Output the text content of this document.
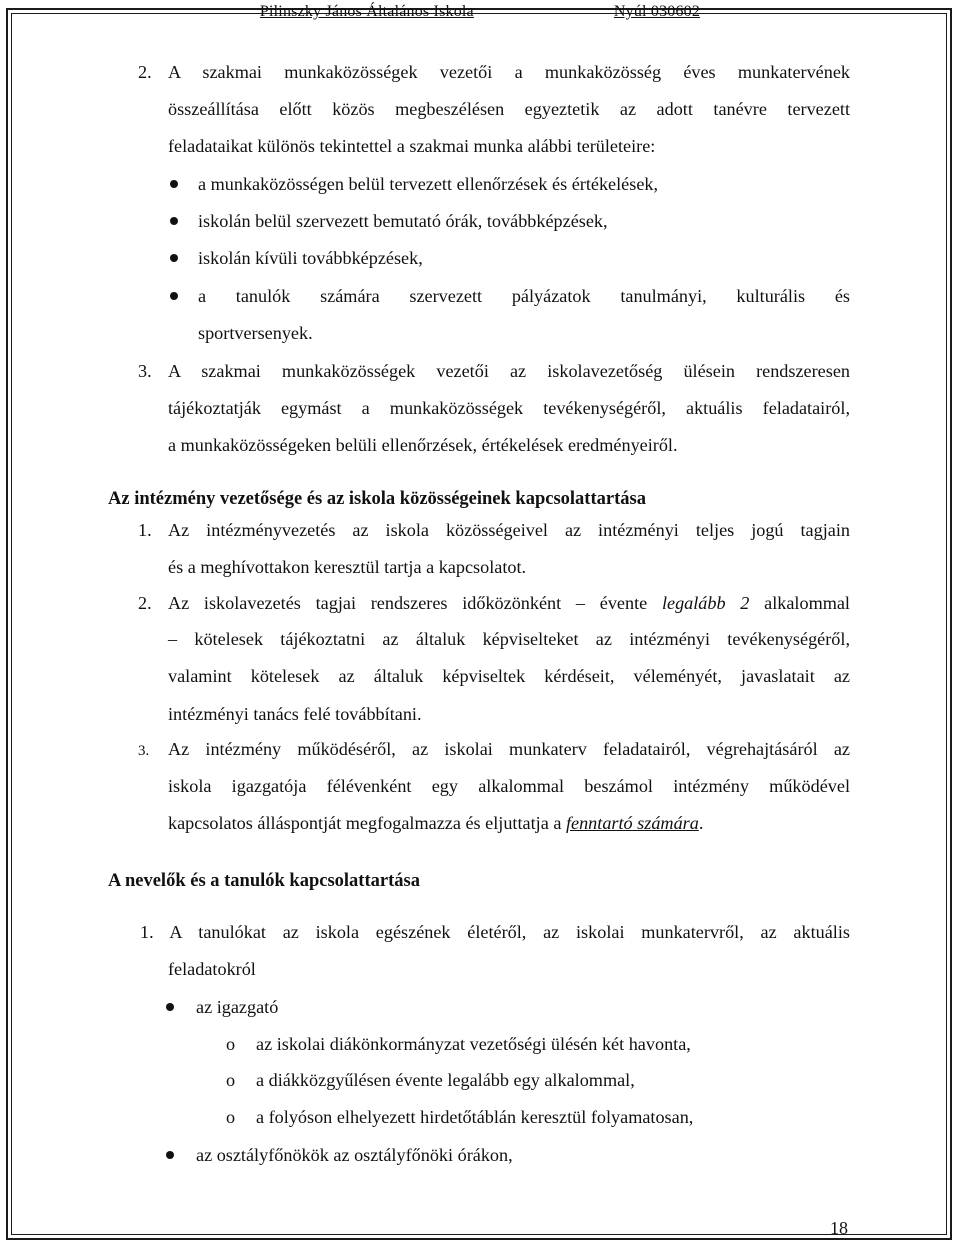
Pilinszky János Általános Iskola	Nyúl 030602
2. A szakmai munkaközösségek vezetői a munkaközösség éves munkatervének
összeállítása előtt közös megbeszélésen egyeztetik az adott tanévre tervezett
feladataikat különös tekintettel a szakmai munka alábbi területeire:
a munkaközösségen belül tervezett ellenőrzések és értékelések,
iskolán belül szervezett bemutató órák, továbbképzések,
iskolán kívüli továbbképzések,
a tanulók számára szervezett pályázatok tanulmányi, kulturális és
sportversenyek.
3. A szakmai munkaközösségek vezetői az iskolavezetőség ülésein rendszeresen
tájékoztatják egymást a munkaközösségek tevékenységéről, aktuális feladatairól,
a munkaközösségeken belüli ellenőrzések, értékelések eredményeiről.
Az intézmény vezetősége és az iskola közösségeinek kapcsolattartása
1. Az intézményvezetés az iskola közösségeivel az intézményi teljes jogú tagjain
és a meghívottakon keresztül tartja a kapcsolatot.
2. Az iskolavezetés tagjai rendszeres időközönként – évente legalább 2 alkalommal
– kötelesek tájékoztatni az általuk képviselteket az intézményi tevékenységéről,
valamint kötelesek az általuk képviseltek kérdéseit, véleményét, javaslatait az
intézményi tanács felé továbbítani.
3. Az intézmény működéséről, az iskolai munkaterv feladatairól, végrehajtásáról az
iskola igazgatója félévenként egy alkalommal beszámol intézmény működével
kapcsolatos álláspontját megfogalmazza és eljuttatja a fenntartó számára.
A nevelők és a tanulók kapcsolattartása
1. A tanulókat az iskola egészének életéről, az iskolai munkatervről, az aktuális
feladatokról
az igazgató
o az iskolai diákönkormányzat vezetőségi ülésén két havonta,
o a diákközgyűlésen évente legalább egy alkalommal,
o a folyóson elhelyezett hirdetőtáblán keresztül folyamatosan,
az osztályfőnökök az osztályfőnöki órákon,
18
